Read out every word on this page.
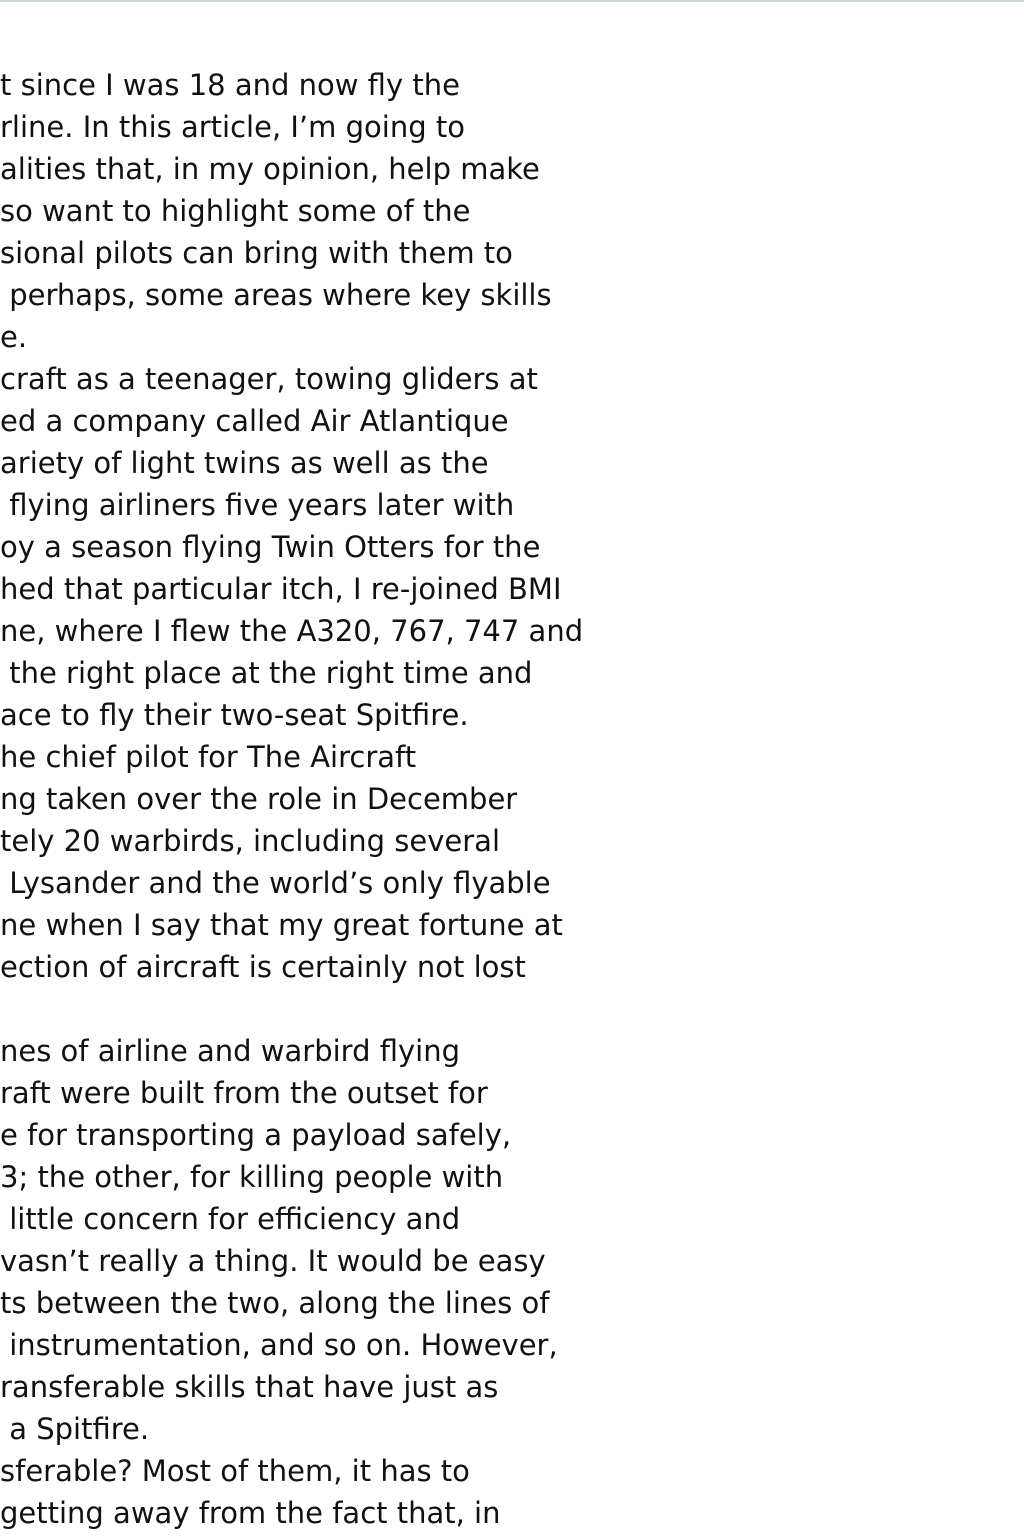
t since I was 18 and now fly the
rline. In this article, I’m going to
alities that, in my opinion, help make
so want to highlight some of the
sional pilots can bring with them to
perhaps, some areas where key skills
e.
craft as a teenager, towing gliders at
ed a company called Air Atlantique
ariety of light twins as well as the
flying airliners five years later with
oy a season flying Twin Otters for the
hed that particular itch, I re-joined BMI
ne, where I flew the A320, 767, 747 and
the right place at the right time and
ace to fly their two-seat Spitfire.
he chief pilot for The Aircraft
ng taken over the role in December
tely 20 warbirds, including several
Lysander and the world’s only flyable
ne when I say that my great fortune at
ection of aircraft is certainly not lost
nes of airline and warbird flying
raft were built from the outset for
e for transporting a payload safely,
3; the other, for killing people with
little concern for efficiency and
vasn’t really a thing. It would be easy
ts between the two, along the lines of
instrumentation, and so on. However,
ransferable skills that have just as
a Spitfire.
sferable? Most of them, it has to
getting away from the fact that, in
